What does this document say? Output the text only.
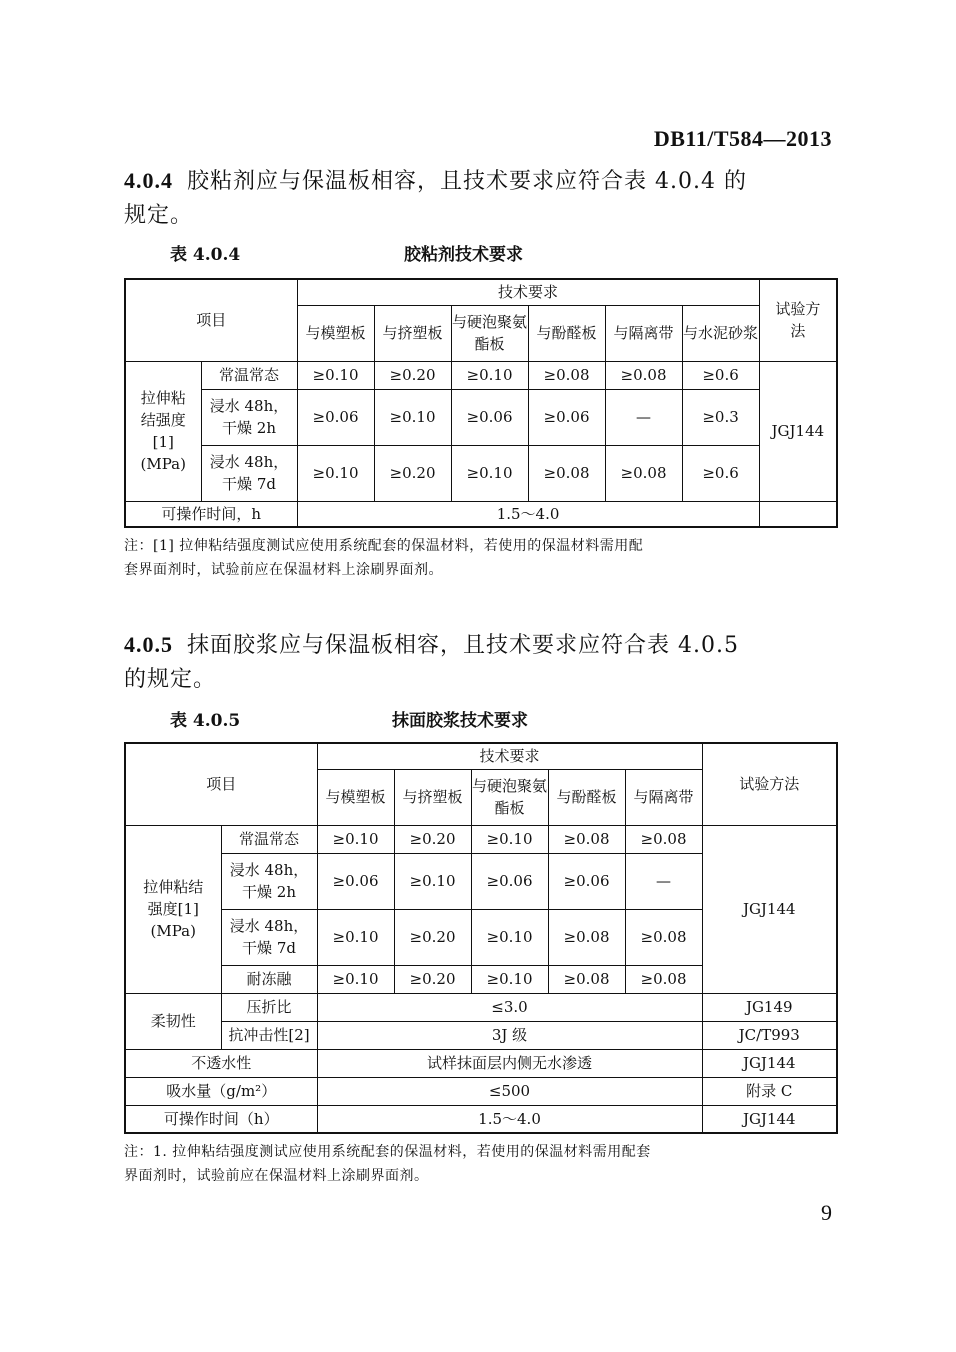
DB11/T584—2013
4.0.4 胶粘剂应与保温板相容，且技术要求应符合表 4.0.4 的
规定。
表 4.0.4	胶粘剂技术要求
项目		技术要求						试验方法
		与模塑板	与挤塑板	与硬泡聚氨酯板	与酚醛板	与隔离带	与水泥砂浆	
拉伸粘结强度[1](MPa)	常温常态	≥0.10	≥0.20	≥0.10	≥0.08	≥0.08	≥0.6	JGJ144
	浸水 48h，干燥 2h	≥0.06	≥0.10	≥0.06	≥0.06	—	≥0.3	
	浸水 48h，干燥 7d	≥0.10	≥0.20	≥0.10	≥0.08	≥0.08	≥0.6	
可操作时间，h		1.5～4.0						
注：[1] 拉伸粘结强度测试应使用系统配套的保温材料，若使用的保温材料需用配
套界面剂时，试验前应在保温材料上涂刷界面剂。
4.0.5 抹面胶浆应与保温板相容，且技术要求应符合表 4.0.5
的规定。
表 4.0.5	抹面胶浆技术要求
项目		技术要求					试验方法
		与模塑板	与挤塑板	与硬泡聚氨酯板	与酚醛板	与隔离带	
拉伸粘结强度[1](MPa)	常温常态	≥0.10	≥0.20	≥0.10	≥0.08	≥0.08	JGJ144
	浸水 48h，干燥 2h	≥0.06	≥0.10	≥0.06	≥0.06	—	
	浸水 48h，干燥 7d	≥0.10	≥0.20	≥0.10	≥0.08	≥0.08	
	耐冻融	≥0.10	≥0.20	≥0.10	≥0.08	≥0.08	
柔韧性	压折比	≤3.0					JG149
	抗冲击性[2]	3J 级					JC/T993
不透水性		试样抹面层内侧无水渗透					JGJ144
吸水量（g/m²）		≤500					附录 C
可操作时间（h）		1.5～4.0					JGJ144
注：1. 拉伸粘结强度测试应使用系统配套的保温材料，若使用的保温材料需用配套
界面剂时，试验前应在保温材料上涂刷界面剂。
9
